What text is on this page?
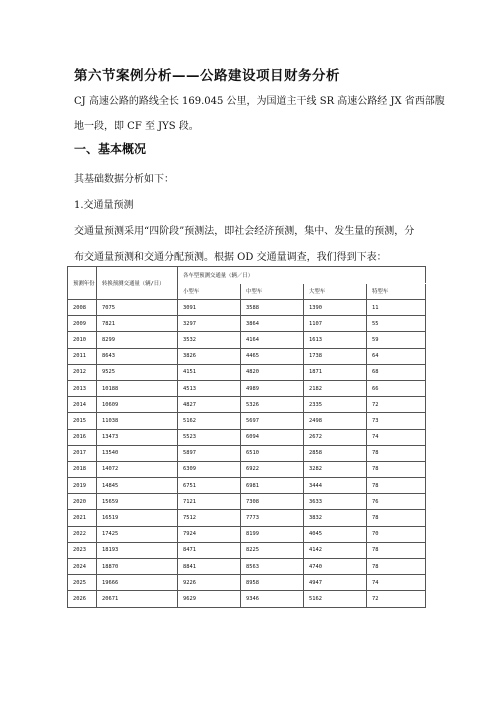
第六节案例分析——公路建设项目财务分析
CJ 高速公路的路线全长 169.045 公里，为国道主干线 SR 高速公路经 JX 省西部腹
地一段，即 CF 至 JYS 段。
一、基本概况
其基础数据分析如下：
1.交通量预测
交通量预测采用“四阶段”预测法，即社会经济预测，集中、发生量的预测，分
布交通量预测和交通分配预测。根据 OD 交通量调查，我们得到下表：
预测年份	转换预测交通量（辆/日）	各车型预测交通量（辆／日）			
		小型车	中型车	大型车	特型车
2008	7075	3091	3588	1390	11
2009	7821	3297	3864	1107	55
2010	8299	3532	4164	1613	59
2011	8643	3826	4465	1738	64
2012	9525	4151	4820	1871	68
2013	10188	4513	4989	2182	66
2014	10609	4827	5326	2335	72
2015	11038	5162	5697	2498	73
2016	13473	5523	6094	2672	74
2017	13540	5897	6510	2858	78
2018	14072	6309	6922	3282	78
2019	14845	6751	6981	3444	78
2020	15659	7121	7308	3633	76
2021	16519	7512	7773	3832	78
2022	17425	7924	8199	4045	70
2023	18193	8471	8225	4142	78
2024	18870	8841	8563	4740	78
2025	19666	9226	8958	4947	74
2026	20671	9629	9346	5162	72
